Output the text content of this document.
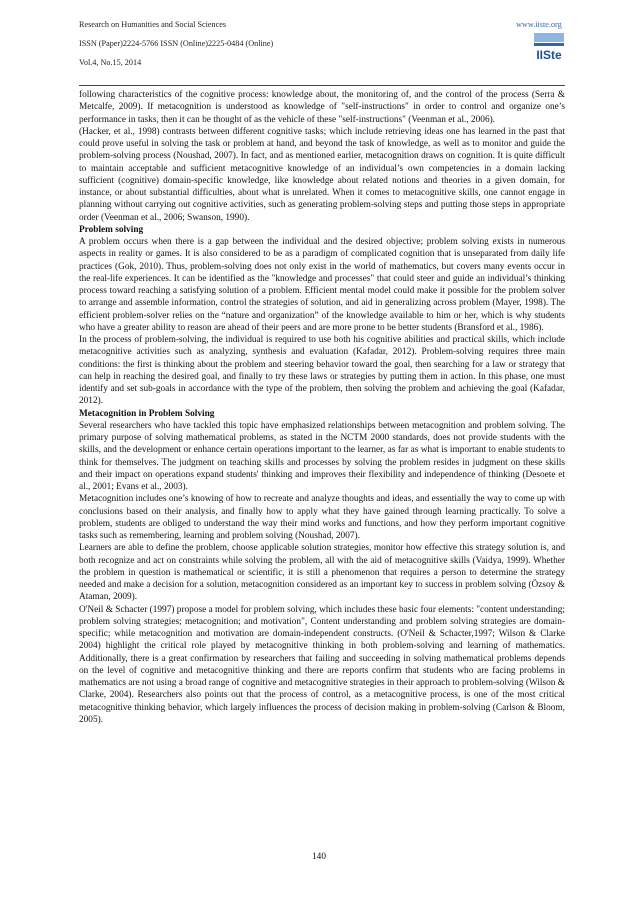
Research on Humanities and Social Sciences
ISSN (Paper)2224-5766 ISSN (Online)2225-0484 (Online)
Vol.4, No.15, 2014
www.iiste.org
IISte

following characteristics of the cognitive process: knowledge about, the monitoring of, and the control of the process (Serra & Metcalfe, 2009). If metacognition is understood as knowledge of "self-instructions" in order to control and organize one’s performance in tasks, then it can be thought of as the vehicle of these "self-instructions" (Veenman et al., 2006).

(Hacker, et al., 1998) contrasts between different cognitive tasks; which include retrieving ideas one has learned in the past that could prove useful in solving the task or problem at hand, and beyond the task of knowledge, as well as to monitor and guide the problem-solving process (Noushad, 2007). In fact, and as mentioned earlier, metacognition draws on cognition. It is quite difficult to maintain acceptable and sufficient metacognitive knowledge of an individual’s own competencies in a domain lacking sufficient (cognitive) domain-specific knowledge, like knowledge about related notions and theories in a given domain, for instance, or about substantial difficulties, about what is unrelated. When it comes to metacognitive skills, one cannot engage in planning without carrying out cognitive activities, such as generating problem-solving steps and putting those steps in appropriate order (Veenman et al., 2006; Swanson, 1990).

Problem solving

A problem occurs when there is a gap between the individual and the desired objective; problem solving exists in numerous aspects in reality or games. It is also considered to be as a paradigm of complicated cognition that is unseparated from daily life practices (Gok, 2010). Thus, problem-solving does not only exist in the world of mathematics, but covers many events occur in the real-life experiences. It can be identified as the "knowledge and processes" that could steer and guide an individual’s thinking process toward reaching a satisfying solution of a problem. Efficient mental model could make it possible for the problem solver to arrange and assemble information, control the strategies of solution, and aid in generalizing across problem (Mayer, 1998). The efficient problem-solver relies on the “nature and organization” of the knowledge available to him or her, which is why students who have a greater ability to reason are ahead of their peers and are more prone to be better students (Bransford et al., 1986).

In the process of problem-solving, the individual is required to use both his cognitive abilities and practical skills, which include metacognitive activities such as analyzing, synthesis and evaluation (Kafadar, 2012). Problem-solving requires three main conditions: the first is thinking about the problem and steering behavior toward the goal, then searching for a law or strategy that can help in reaching the desired goal, and finally to try these laws or strategies by putting them in action. In this phase, one must identify and set sub-goals in accordance with the type of the problem, then solving the problem and achieving the goal (Kafadar, 2012).

Metacognition in Problem Solving

Several researchers who have tackled this topic have emphasized relationships between metacognition and problem solving. The primary purpose of solving mathematical problems, as stated in the NCTM 2000 standards, does not provide students with the skills, and the development or enhance certain operations important to the learner, as far as what is important to enable students to think for themselves. The judgment on teaching skills and processes by solving the problem resides in judgment on these skills and their impact on operations expand students' thinking and improves their flexibility and independence of thinking (Desoete et al., 2001; Evans et al., 2003).

Metacognition includes one’s knowing of how to recreate and analyze thoughts and ideas, and essentially the way to come up with conclusions based on their analysis, and finally how to apply what they have gained through learning practically. To solve a problem, students are obliged to understand the way their mind works and functions, and how they perform important cognitive tasks such as remembering, learning and problem solving (Noushad, 2007).

Learners are able to define the problem, choose applicable solution strategies, monitor how effective this strategy solution is, and both recognize and act on constraints while solving the problem, all with the aid of metacognitive skills (Vaidya, 1999). Whether the problem in question is mathematical or scientific, it is still a phenomenon that requires a person to determine the strategy needed and make a decision for a solution, metacognition considered as an important key to success in problem solving (Özsoy & Ataman, 2009).

O'Neil & Schacter (1997) propose a model for problem solving, which includes these basic four elements: "content understanding; problem solving strategies; metacognition; and motivation", Content understanding and problem solving strategies are domain-specific; while metacognition and motivation are domain-independent constructs. (O'Neil & Schacter,1997; Wilson & Clarke 2004) highlight the critical role played by metacognitive thinking in both problem-solving and learning of mathematics. Additionally, there is a great confirmation by researchers that failing and succeeding in solving mathematical problems depends on the level of cognitive and metacognitive thinking and there are reports confirm that students who are facing problems in mathematics are not using a broad range of cognitive and metacognitive strategies in their approach to problem-solving (Wilson & Clarke, 2004). Researchers also points out that the process of control, as a metacognitive process, is one of the most critical metacognitive thinking behavior, which largely influences the process of decision making in problem-solving (Carlson & Bloom, 2005).

140
